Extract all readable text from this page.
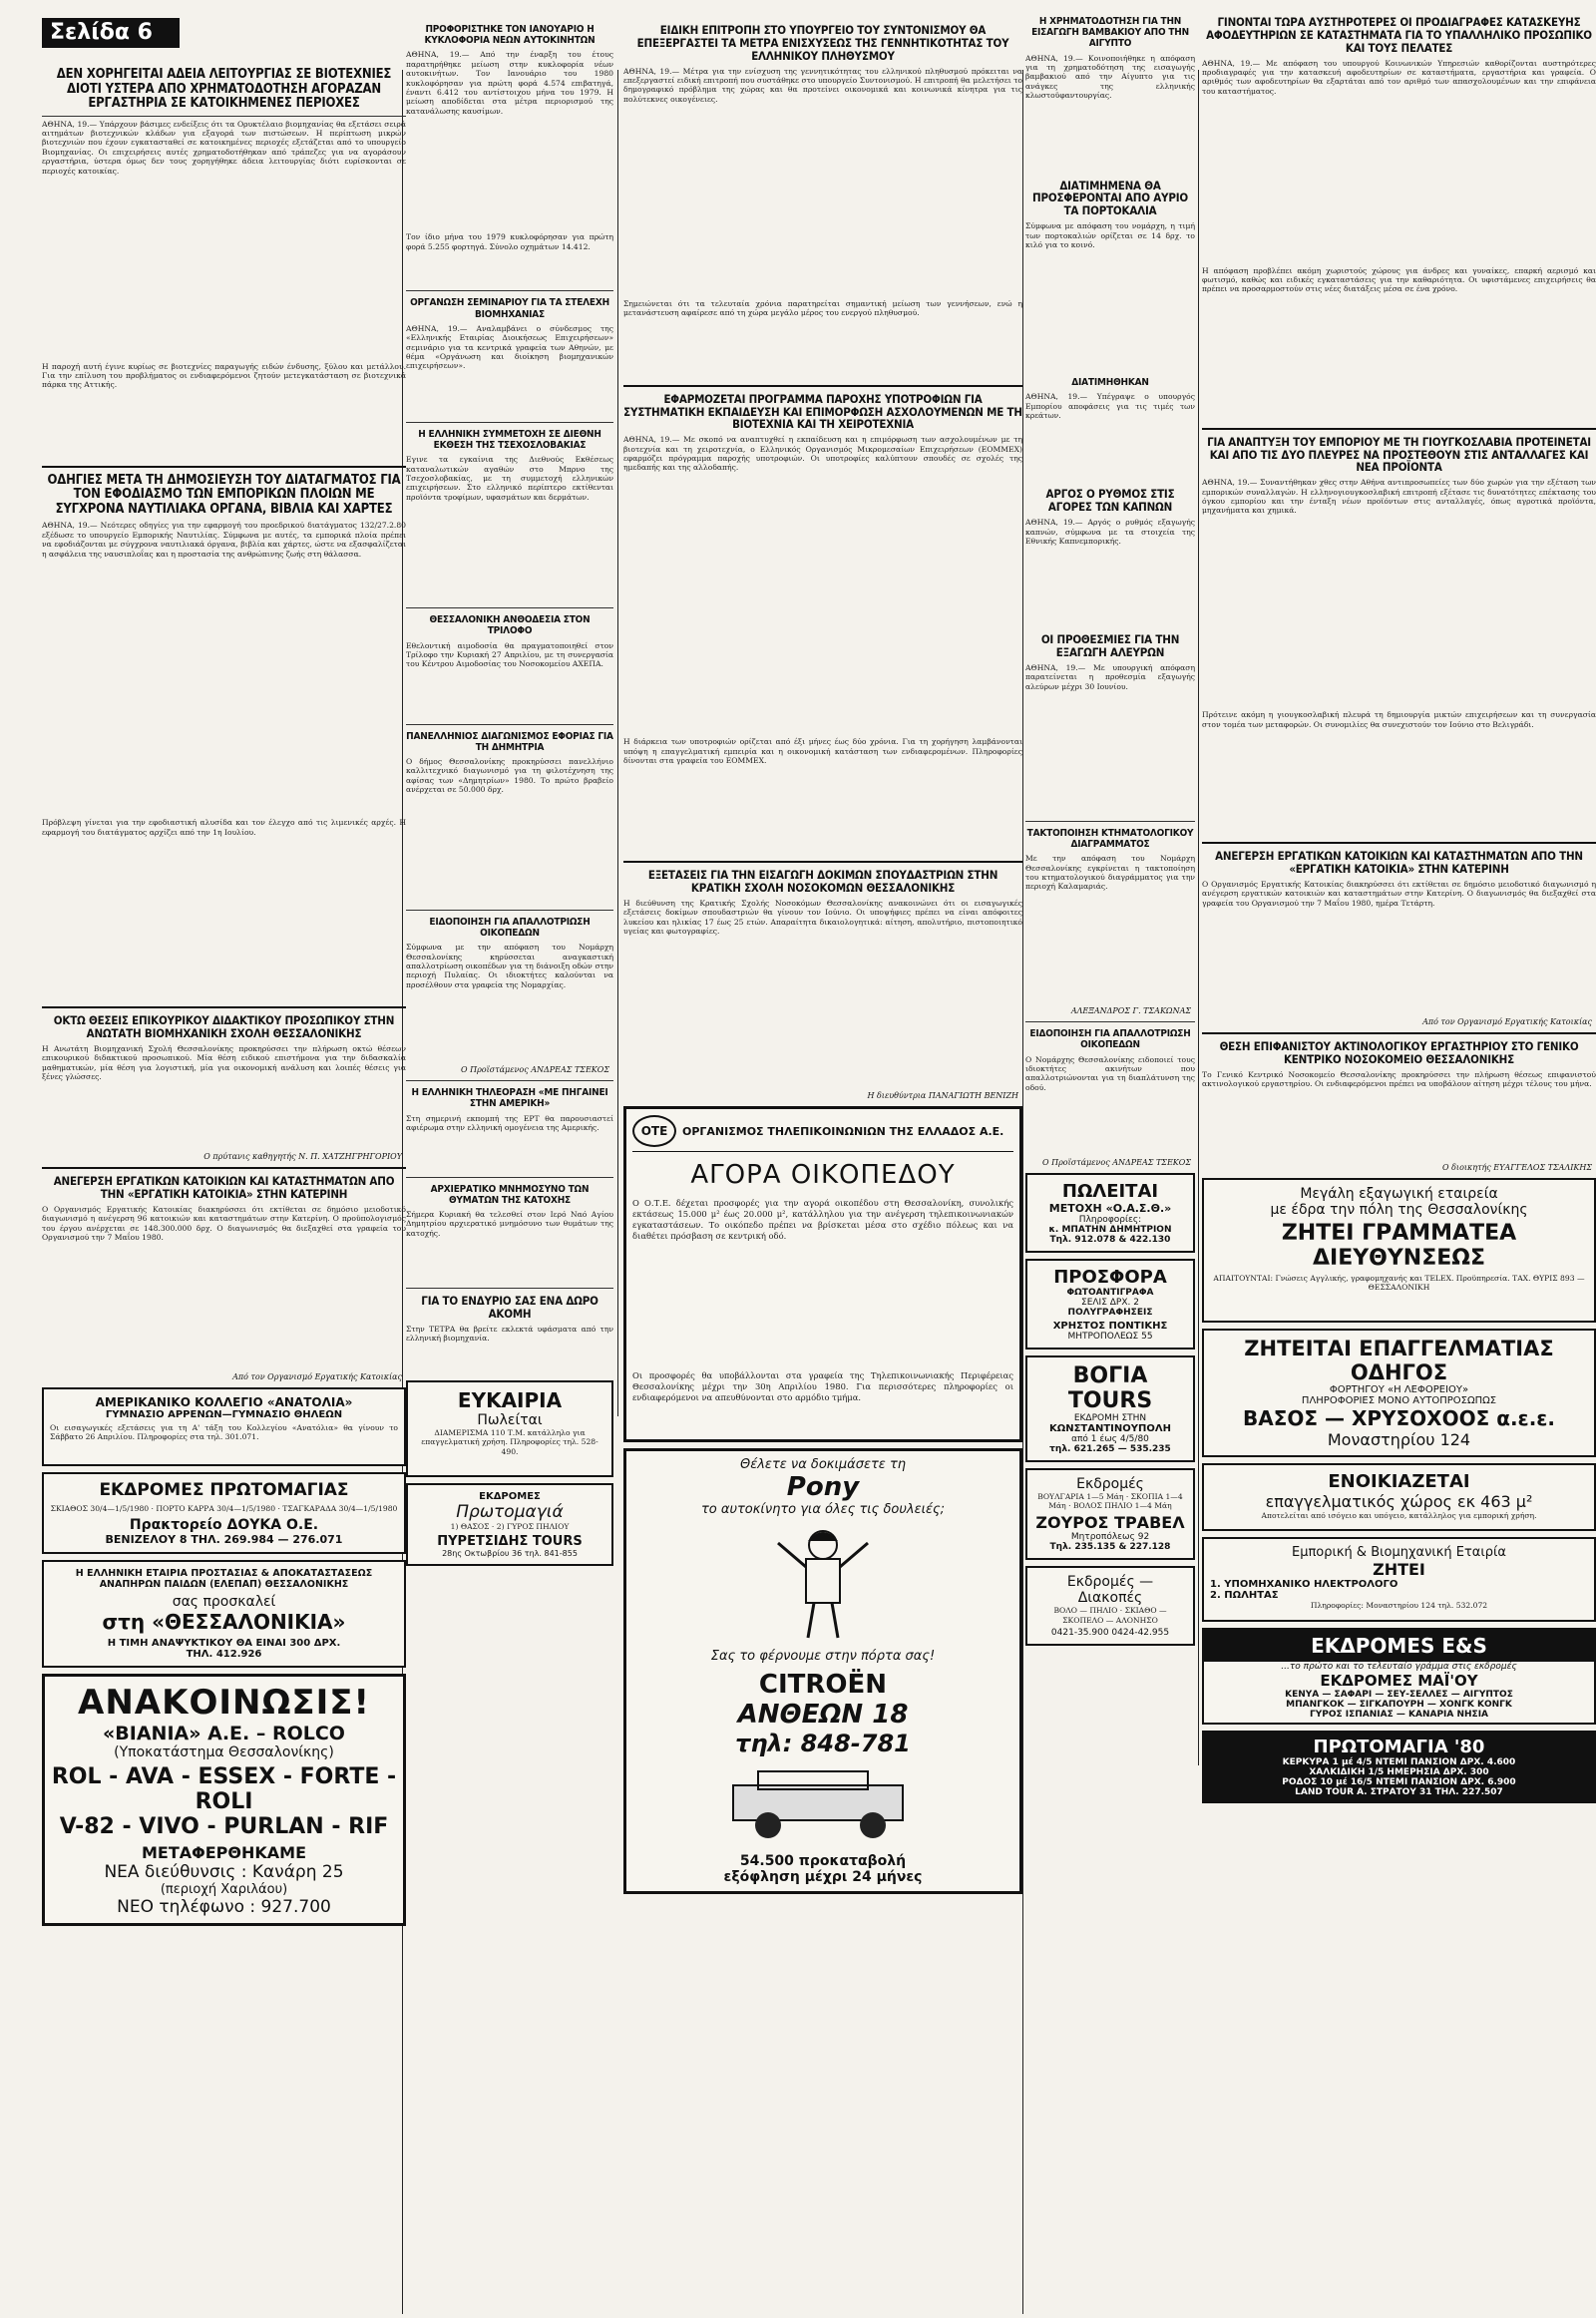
Σελίδα 6
ΔΕΝ ΧΟΡΗΓΕΙΤΑΙ ΑΔΕΙΑ ΛΕΙΤΟΥΡΓΙΑΣ ΣΕ ΒΙΟΤΕΧΝΙΕΣ ΔΙΟΤΙ ΥΣΤΕΡΑ ΑΠΟ ΧΡΗΜΑΤΟΔΟΤΗΣΗ ΑΓΟΡΑΖΑΝ ΕΡΓΑΣΤΗΡΙΑ ΣΕ ΚΑΤΟΙΚΗΜΕΝΕΣ ΠΕΡΙΟΧΕΣ
ΑΘΗΝΑ, 19.— Υπάρχουν βάσιμες ενδείξεις ότι τα Ορυκτέλαιο βιομηχανίας θα εξετάσει σειρά αιτημάτων βιοτεχνικών κλάδων για εξαγορά των πιστώσεων. Η περίπτωση μικρών βιοτεχνιών που έχουν εγκατασταθεί σε κατοικημένες περιοχές εξετάζεται από το υπουργείο Βιομηχανίας. Οι επιχειρήσεις αυτές χρηματοδοτήθηκαν από τράπεζες για να αγοράσουν εργαστήρια, ύστερα όμως δεν τους χορηγήθηκε άδεια λειτουργίας διότι ευρίσκονται σε περιοχές κατοικίας.
Η παροχή αυτή έγινε κυρίως σε βιοτεχνίες παραγωγής ειδών ένδυσης, ξύλου και μετάλλου. Για την επίλυση του προβλήματος οι ενδιαφερόμενοι ζητούν μετεγκατάσταση σε βιοτεχνικά πάρκα της Αττικής.
ΟΔΗΓΙΕΣ ΜΕΤΑ ΤΗ ΔΗΜΟΣΙΕΥΣΗ ΤΟΥ ΔΙΑΤΑΓΜΑΤΟΣ ΓΙΑ ΤΟΝ ΕΦΟΔΙΑΣΜΟ ΤΩΝ ΕΜΠΟΡΙΚΩΝ ΠΛΟΙΩΝ ΜΕ ΣΥΓΧΡΟΝΑ ΝΑΥΤΙΛΙΑΚΑ ΟΡΓΑΝΑ, ΒΙΒΛΙΑ ΚΑΙ ΧΑΡΤΕΣ
ΑΘΗΝΑ, 19.— Νεότερες οδηγίες για την εφαρμογή του προεδρικού διατάγματος 132/27.2.80 εξέδωσε το υπουργείο Εμπορικής Ναυτιλίας. Σύμφωνα με αυτές, τα εμπορικά πλοία πρέπει να εφοδιάζονται με σύγχρονα ναυτιλιακά όργανα, βιβλία και χάρτες, ώστε να εξασφαλίζεται η ασφάλεια της ναυσιπλοΐας και η προστασία της ανθρώπινης ζωής στη θάλασσα.
Πρόβλεψη γίνεται για την εφοδιαστική αλυσίδα και τον έλεγχο από τις λιμενικές αρχές. Η εφαρμογή του διατάγματος αρχίζει από την 1η Ιουλίου.
ΟΚΤΩ ΘΕΣΕΙΣ ΕΠΙΚΟΥΡΙΚΟΥ ΔΙΔΑΚΤΙΚΟΥ ΠΡΟΣΩΠΙΚΟΥ ΣΤΗΝ ΑΝΩΤΑΤΗ ΒΙΟΜΗΧΑΝΙΚΗ ΣΧΟΛΗ ΘΕΣΣΑΛΟΝΙΚΗΣ
Η Ανωτάτη Βιομηχανική Σχολή Θεσσαλονίκης προκηρύσσει την πλήρωση οκτώ θέσεων επικουρικού διδακτικού προσωπικού. Μία θέση ειδικού επιστήμονα για την διδασκαλία μαθηματικών, μία θέση για λογιστική, μία για οικονομική ανάλυση και λοιπές θέσεις για ξένες γλώσσες.
Ο πρύτανις καθηγητής Ν. Π. ΧΑΤΖΗΓΡΗΓΟΡΙΟΥ
ΑΝΕΓΕΡΣΗ ΕΡΓΑΤΙΚΩΝ ΚΑΤΟΙΚΙΩΝ ΚΑΙ ΚΑΤΑΣΤΗΜΑΤΩΝ ΑΠΟ ΤΗΝ «ΕΡΓΑΤΙΚΗ ΚΑΤΟΙΚΙΑ» ΣΤΗΝ ΚΑΤΕΡΙΝΗ
Ο Οργανισμός Εργατικής Κατοικίας διακηρύσσει ότι εκτίθεται σε δημόσιο μειοδοτικό διαγωνισμό η ανέγερση 96 κατοικιών και καταστημάτων στην Κατερίνη. Ο προϋπολογισμός του έργου ανέρχεται σε 148.300.000 δρχ. Ο διαγωνισμός θα διεξαχθεί στα γραφεία του Οργανισμού την 7 Μαΐου 1980.
Από τον Οργανισμό Εργατικής Κατοικίας
ΑΜΕΡΙΚΑΝΙΚΟ ΚΟΛΛΕΓΙΟ «ΑΝΑΤΟΛΙΑ»
ΓΥΜΝΑΣΙΟ ΑΡΡΕΝΩΝ—ΓΥΜΝΑΣΙΟ ΘΗΛΕΩΝ
Οι εισαγωγικές εξετάσεις για τη Α' τάξη του Κολλεγίου «Ανατόλια» θα γίνουν το Σάββατο 26 Απριλίου. Πληροφορίες στα τηλ. 301.071.
ΕΚΔΡΟΜΕΣ ΠΡΩΤΟΜΑΓΙΑΣ
ΣΚΙΑΘΟΣ 30/4—1/5/1980 · ΠΟΡΤΟ ΚΑΡΡΑ 30/4—1/5/1980 · ΤΣΑΓΚΑΡΑΔΑ 30/4—1/5/1980
Πρακτορείο ΔΟΥΚΑ Ο.Ε.
ΒΕΝΙΖΕΛΟΥ 8 ΤΗΛ. 269.984 — 276.071
Η ΕΛΛΗΝΙΚΗ ΕΤΑΙΡΙΑ ΠΡΟΣΤΑΣΙΑΣ & ΑΠΟΚΑΤΑΣΤΑΣΕΩΣ ΑΝΑΠΗΡΩΝ ΠΑΙΔΩΝ (ΕΛΕΠΑΠ) ΘΕΣΣΑΛΟΝΙΚΗΣ
σας προσκαλεί
στη «ΘΕΣΣΑΛΟΝΙΚΙΑ»
Η ΤΙΜΗ ΑΝΑΨΥΚΤΙΚΟΥ ΘΑ ΕΙΝΑΙ 300 ΔΡΧ.
ΤΗΛ. 412.926
ΑΝΑΚΟΙΝΩΣΙΣ!
«ΒΙΑΝΙΑ» Α.Ε. – ROLCO
(Υποκατάστημα Θεσσαλονίκης)
ROL - AVA - ESSEX - FORTE - ROLI
V-82 - VIVO - PURLAN - RIF
ΜΕΤΑΦΕΡΘΗΚΑΜΕ
ΝΕΑ διεύθυνσις : Κανάρη 25
(περιοχή Χαριλάου)
ΝΕΟ τηλέφωνο : 927.700
ΠΡΟΦΟΡΙΣΤΗΚΕ ΤΟΝ ΙΑΝΟΥΑΡΙΟ Η ΚΥΚΛΟΦΟΡΙΑ ΝΕΩΝ ΑΥΤΟΚΙΝΗΤΩΝ
ΑΘΗΝΑ, 19.— Από την έναρξη του έτους παρατηρήθηκε μείωση στην κυκλοφορία νέων αυτοκινήτων. Τον Ιανουάριο του 1980 κυκλοφόρησαν για πρώτη φορά 4.574 επιβατηγά, έναντι 6.412 του αντίστοιχου μήνα του 1979. Η μείωση αποδίδεται στα μέτρα περιορισμού της κατανάλωσης καυσίμων.
Τον ίδιο μήνα του 1979 κυκλοφόρησαν για πρώτη φορά 5.255 φορτηγά. Σύνολο οχημάτων 14.412.
ΟΡΓΑΝΩΣΗ ΣΕΜΙΝΑΡΙΟΥ ΓΙΑ ΤΑ ΣΤΕΛΕΧΗ ΒΙΟΜΗΧΑΝΙΑΣ
ΑΘΗΝΑ, 19.— Αναλαμβάνει ο σύνδεσμος της «Ελληνικής Εταιρίας Διοικήσεως Επιχειρήσεων» σεμινάριο για τα κεντρικά γραφεία των Αθηνών, με θέμα «Οργάνωση και διοίκηση βιομηχανικών επιχειρήσεων».
Η ΕΛΛΗΝΙΚΗ ΣΥΜΜΕΤΟΧΗ ΣΕ ΔΙΕΘΝΗ ΕΚΘΕΣΗ ΤΗΣ ΤΣΕΧΟΣΛΟΒΑΚΙΑΣ
Εγινε τα εγκαίνια της Διεθνούς Εκθέσεως καταναλωτικών αγαθών στο Μπρνο της Τσεχοσλοβακίας, με τη συμμετοχή ελληνικών επιχειρήσεων. Στο ελληνικό περίπτερο εκτίθενται προϊόντα τροφίμων, υφασμάτων και δερμάτων.
ΘΕΣΣΑΛΟΝΙΚΗ ΑΝΘΟΔΕΣΙΑ ΣΤΟΝ ΤΡΙΛΟΦΟ
Εθελοντική αιμοδοσία θα πραγματοποιηθεί στον Τρίλοφο την Κυριακή 27 Απριλίου, με τη συνεργασία του Κέντρου Αιμοδοσίας του Νοσοκομείου ΑΧΕΠΑ.
ΠΑΝΕΛΛΗΝΙΟΣ ΔΙΑΓΩΝΙΣΜΟΣ ΕΦΟΡΙΑΣ ΓΙΑ ΤΗ ΔΗΜΗΤΡΙΑ
Ο δήμος Θεσσαλονίκης προκηρύσσει πανελλήνιο καλλιτεχνικό διαγωνισμό για τη φιλοτέχνηση της αφίσας των «Δημητρίων» 1980. Το πρώτο βραβείο ανέρχεται σε 50.000 δρχ.
ΕΙΔΟΠΟΙΗΣΗ ΓΙΑ ΑΠΑΛΛΟΤΡΙΩΣΗ ΟΙΚΟΠΕΔΩΝ
Σύμφωνα με την απόφαση του Νομάρχη Θεσσαλονίκης κηρύσσεται αναγκαστική απαλλοτρίωση οικοπέδων για τη διάνοιξη οδών στην περιοχή Πυλαίας. Οι ιδιοκτήτες καλούνται να προσέλθουν στα γραφεία της Νομαρχίας.
Ο Προϊστάμενος ΑΝΔΡΕΑΣ ΤΣΕΚΟΣ
Η ΕΛΛΗΝΙΚΗ ΤΗΛΕΟΡΑΣΗ «ΜΕ ΠΗΓΑΙΝΕΙ ΣΤΗΝ ΑΜΕΡΙΚΗ»
Στη σημερινή εκπομπή της ΕΡΤ θα παρουσιαστεί αφιέρωμα στην ελληνική ομογένεια της Αμερικής.
ΑΡΧΙΕΡΑΤΙΚΟ ΜΝΗΜΟΣΥΝΟ ΤΩΝ ΘΥΜΑΤΩΝ ΤΗΣ ΚΑΤΟΧΗΣ
Σήμερα Κυριακή θα τελεσθεί στον Ιερό Ναό Αγίου Δημητρίου αρχιερατικό μνημόσυνο των θυμάτων της κατοχής.
ΓΙΑ ΤΟ ΕΝΔΥΡΙΟ ΣΑΣ ΕΝΑ ΔΩΡΟ ΑΚΟΜΗ
Στην ΤΕΤΡΑ θα βρείτε εκλεκτά υφάσματα από την ελληνική βιομηχανία.
ΕΥΚΑΙΡΙΑ
Πωλείται
ΔΙΑΜΕΡΙΣΜΑ 110 Τ.Μ. κατάλληλο για επαγγελματική χρήση. Πληροφορίες τηλ. 528-490.
ΕΚΔΡΟΜΕΣ
Πρωτομαγιά
1) ΘΑΣΟΣ · 2) ΓΥΡΟΣ ΠΗΛΙΟΥ
ΠΥΡΕΤΣΙΔΗΣ TOURS
28ης Οκτωβρίου 36 τηλ. 841-855
ΕΙΔΙΚΗ ΕΠΙΤΡΟΠΗ ΣΤΟ ΥΠΟΥΡΓΕΙΟ ΤΟΥ ΣΥΝΤΟΝΙΣΜΟΥ ΘΑ ΕΠΕΞΕΡΓΑΣΤΕΙ ΤΑ ΜΕΤΡΑ ΕΝΙΣΧΥΣΕΩΣ ΤΗΣ ΓΕΝΝΗΤΙΚΟΤΗΤΑΣ ΤΟΥ ΕΛΛΗΝΙΚΟΥ ΠΛΗΘΥΣΜΟΥ
ΑΘΗΝΑ, 19.— Μέτρα για την ενίσχυση της γεννητικότητας του ελληνικού πληθυσμού πρόκειται να επεξεργαστεί ειδική επιτροπή που συστάθηκε στο υπουργείο Συντονισμού. Η επιτροπή θα μελετήσει το δημογραφικό πρόβλημα της χώρας και θα προτείνει οικονομικά και κοινωνικά κίνητρα για τις πολύτεκνες οικογένειες.
Σημειώνεται ότι τα τελευταία χρόνια παρατηρείται σημαντική μείωση των γεννήσεων, ενώ η μετανάστευση αφαίρεσε από τη χώρα μεγάλο μέρος του ενεργού πληθυσμού.
ΕΦΑΡΜΟΖΕΤΑΙ ΠΡΟΓΡΑΜΜΑ ΠΑΡΟΧΗΣ ΥΠΟΤΡΟΦΙΩΝ ΓΙΑ ΣΥΣΤΗΜΑΤΙΚΗ ΕΚΠΑΙΔΕΥΣΗ ΚΑΙ ΕΠΙΜΟΡΦΩΣΗ ΑΣΧΟΛΟΥΜΕΝΩΝ ΜΕ ΤΗ ΒΙΟΤΕΧΝΙΑ ΚΑΙ ΤΗ ΧΕΙΡΟΤΕΧΝΙΑ
ΑΘΗΝΑ, 19.— Με σκοπό να αναπτυχθεί η εκπαίδευση και η επιμόρφωση των ασχολουμένων με τη βιοτεχνία και τη χειροτεχνία, ο Ελληνικός Οργανισμός Μικρομεσαίων Επιχειρήσεων (ΕΟΜΜΕΧ) εφαρμόζει πρόγραμμα παροχής υποτροφιών. Οι υποτροφίες καλύπτουν σπουδές σε σχολές της ημεδαπής και της αλλοδαπής.
Η διάρκεια των υποτροφιών ορίζεται από έξι μήνες έως δύο χρόνια. Για τη χορήγηση λαμβάνονται υπόψη η επαγγελματική εμπειρία και η οικονομική κατάσταση των ενδιαφερομένων. Πληροφορίες δίνονται στα γραφεία του ΕΟΜΜΕΧ.
ΕΞΕΤΑΣΕΙΣ ΓΙΑ ΤΗΝ ΕΙΣΑΓΩΓΗ ΔΟΚΙΜΩΝ ΣΠΟΥΔΑΣΤΡΙΩΝ ΣΤΗΝ ΚΡΑΤΙΚΗ ΣΧΟΛΗ ΝΟΣΟΚΟΜΩΝ ΘΕΣΣΑΛΟΝΙΚΗΣ
Η διεύθυνση της Κρατικής Σχολής Νοσοκόμων Θεσσαλονίκης ανακοινώνει ότι οι εισαγωγικές εξετάσεις δοκίμων σπουδαστριών θα γίνουν τον Ιούνιο. Οι υποψήφιες πρέπει να είναι απόφοιτες λυκείου και ηλικίας 17 έως 25 ετών. Απαραίτητα δικαιολογητικά: αίτηση, απολυτήριο, πιστοποιητικό υγείας και φωτογραφίες.
Η διευθύντρια ΠΑΝΑΓΙΩΤΗ ΒΕΝΙΖΗ
ΟΤΕ	ΟΡΓΑΝΙΣΜΟΣ ΤΗΛΕΠΙΚΟΙΝΩΝΙΩΝ ΤΗΣ ΕΛΛΑΔΟΣ Α.Ε.
ΑΓΟΡΑ ΟΙΚΟΠΕΔΟΥ
Ο Ο.Τ.Ε. δέχεται προσφορές για την αγορά οικοπέδου στη Θεσσαλονίκη, συνολικής εκτάσεως 15.000 μ² έως 20.000 μ², κατάλληλου για την ανέγερση τηλεπικοινωνιακών εγκαταστάσεων. Το οικόπεδο πρέπει να βρίσκεται μέσα στο σχέδιο πόλεως και να διαθέτει πρόσβαση σε κεντρική οδό.
Οι προσφορές θα υποβάλλονται στα γραφεία της Τηλεπικοινωνιακής Περιφέρειας Θεσσαλονίκης μέχρι την 30η Απριλίου 1980. Για περισσότερες πληροφορίες οι ενδιαφερόμενοι να απευθύνονται στο αρμόδιο τμήμα.
Θέλετε να δοκιμάσετε τη
Pony
το αυτοκίνητο για όλες τις δουλειές;
Σας το φέρνουμε στην πόρτα σας!
CITROËN
ΑΝΘΕΩΝ 18
τηλ: 848-781
54.500 προκαταβολή
εξόφληση μέχρι 24 μήνες
Η ΧΡΗΜΑΤΟΔΟΤΗΣΗ ΓΙΑ ΤΗΝ ΕΙΣΑΓΩΓΗ ΒΑΜΒΑΚΙΟΥ ΑΠΟ ΤΗΝ ΑΙΓΥΠΤΟ
ΑΘΗΝΑ, 19.— Κοινοποιήθηκε η απόφαση για τη χρηματοδότηση της εισαγωγής βαμβακιού από την Αίγυπτο για τις ανάγκες της ελληνικής κλωστοϋφαντουργίας.
ΔΙΑΤΙΜΗΜΕΝΑ ΘΑ ΠΡΟΣΦΕΡΟΝΤΑΙ ΑΠΟ ΑΥΡΙΟ ΤΑ ΠΟΡΤΟΚΑΛΙΑ
Σύμφωνα με απόφαση του νομάρχη, η τιμή των πορτοκαλιών ορίζεται σε 14 δρχ. το κιλό για το κοινό.
ΔΙΑΤΙΜΗΘΗΚΑΝ
ΑΘΗΝΑ, 19.— Υπέγραψε ο υπουργός Εμπορίου αποφάσεις για τις τιμές των κρεάτων.
ΑΡΓΟΣ Ο ΡΥΘΜΟΣ ΣΤΙΣ ΑΓΟΡΕΣ ΤΩΝ ΚΑΠΝΩΝ
ΑΘΗΝΑ, 19.— Αργός ο ρυθμός εξαγωγής καπνών, σύμφωνα με τα στοιχεία της Εθνικής Καπνεμπορικής.
ΟΙ ΠΡΟΘΕΣΜΙΕΣ ΓΙΑ ΤΗΝ ΕΞΑΓΩΓΗ ΑΛΕΥΡΩΝ
ΑΘΗΝΑ, 19.— Με υπουργική απόφαση παρατείνεται η προθεσμία εξαγωγής αλεύρων μέχρι 30 Ιουνίου.
ΤΑΚΤΟΠΟΙΗΣΗ ΚΤΗΜΑΤΟΛΟΓΙΚΟΥ ΔΙΑΓΡΑΜΜΑΤΟΣ
Με την απόφαση του Νομάρχη Θεσσαλονίκης εγκρίνεται η τακτοποίηση του κτηματολογικού διαγράμματος για την περιοχή Καλαμαριάς.
ΑΛΕΞΑΝΔΡΟΣ Γ. ΤΣΑΚΩΝΑΣ
ΕΙΔΟΠΟΙΗΣΗ ΓΙΑ ΑΠΑΛΛΟΤΡΙΩΣΗ ΟΙΚΟΠΕΔΩΝ
Ο Νομάρχης Θεσσαλονίκης ειδοποιεί τους ιδιοκτήτες ακινήτων που απαλλοτριώνονται για τη διαπλάτυνση της οδού.
Ο Προϊστάμενος ΑΝΔΡΕΑΣ ΤΣΕΚΟΣ
ΠΩΛΕΙΤΑΙ
ΜΕΤΟΧΗ «Ο.Α.Σ.Θ.»
Πληροφορίες:
κ. ΜΠΑΤΗΝ ΔΗΜΗΤΡΙΟΝ
Τηλ. 912.078 & 422.130
ΠΡΟΣΦΟΡΑ
ΦΩΤΟΑΝΤΙΓΡΑΦΑ
ΣΕΛΙΣ ΔΡΧ. 2
ΠΟΛΥΓΡΑΦΗΣΕΙΣ
ΧΡΗΣΤΟΣ ΠΟΝΤΙΚΗΣ
ΜΗΤΡΟΠΟΛΕΩΣ 55
ΒΟΓΙΑ TOURS
ΕΚΔΡΟΜΗ ΣΤΗΝ
ΚΩΝΣΤΑΝΤΙΝΟΥΠΟΛΗ
από 1 έως 4/5/80
τηλ. 621.265 — 535.235
Εκδρομές
ΒΟΥΛΓΑΡΙΑ 1—5 Μάη · ΣΚΟΠΙΑ 1—4 Μάη · ΒΟΛΟΣ ΠΗΛΙΟ 1—4 Μάη
ΖΟΥΡΟΣ ΤΡΑΒΕΛ
Μητροπόλεως 92
Τηλ. 235.135 & 227.128
Εκδρομές — Διακοπές
ΒΟΛΟ — ΠΗΛΙΟ · ΣΚΙΑΘΟ — ΣΚΟΠΕΛΟ — ΑΛΟΝΗΣΟ
0421-35.900 0424-42.955
ΓΙΝΟΝΤΑΙ ΤΩΡΑ ΑΥΣΤΗΡΟΤΕΡΕΣ ΟΙ ΠΡΟΔΙΑΓΡΑΦΕΣ ΚΑΤΑΣΚΕΥΗΣ ΑΦΟΔΕΥΤΗΡΙΩΝ ΣΕ ΚΑΤΑΣΤΗΜΑΤΑ ΓΙΑ ΤΟ ΥΠΑΛΛΗΛΙΚΟ ΠΡΟΣΩΠΙΚΟ ΚΑΙ ΤΟΥΣ ΠΕΛΑΤΕΣ
ΑΘΗΝΑ, 19.— Με απόφαση του υπουργού Κοινωνικών Υπηρεσιών καθορίζονται αυστηρότερες προδιαγραφές για την κατασκευή αφοδευτηρίων σε καταστήματα, εργαστήρια και γραφεία. Ο αριθμός των αφοδευτηρίων θα εξαρτάται από τον αριθμό των απασχολουμένων και την επιφάνεια του καταστήματος.
Η απόφαση προβλέπει ακόμη χωριστούς χώρους για άνδρες και γυναίκες, επαρκή αερισμό και φωτισμό, καθώς και ειδικές εγκαταστάσεις για την καθαριότητα. Οι υφιστάμενες επιχειρήσεις θα πρέπει να προσαρμοστούν στις νέες διατάξεις μέσα σε ένα χρόνο.
ΓΙΑ ΑΝΑΠΤΥΞΗ ΤΟΥ ΕΜΠΟΡΙΟΥ ΜΕ ΤΗ ΓΙΟΥΓΚΟΣΛΑΒΙΑ ΠΡΟΤΕΙΝΕΤΑΙ ΚΑΙ ΑΠΟ ΤΙΣ ΔΥΟ ΠΛΕΥΡΕΣ ΝΑ ΠΡΟΣΤΕΘΟΥΝ ΣΤΙΣ ΑΝΤΑΛΛΑΓΕΣ ΚΑΙ ΝΕΑ ΠΡΟΪΟΝΤΑ
ΑΘΗΝΑ, 19.— Συναντήθηκαν χθες στην Αθήνα αντιπροσωπείες των δύο χωρών για την εξέταση των εμπορικών συναλλαγών. Η ελληνογιουγκοσλαβική επιτροπή εξέτασε τις δυνατότητες επέκτασης του όγκου εμπορίου και την ένταξη νέων προϊόντων στις ανταλλαγές, όπως αγροτικά προϊόντα, μηχανήματα και χημικά.
Πρότεινε ακόμη η γιουγκοσλαβική πλευρά τη δημιουργία μικτών επιχειρήσεων και τη συνεργασία στον τομέα των μεταφορών. Οι συνομιλίες θα συνεχιστούν τον Ιούνιο στο Βελιγράδι.
ΑΝΕΓΕΡΣΗ ΕΡΓΑΤΙΚΩΝ ΚΑΤΟΙΚΙΩΝ ΚΑΙ ΚΑΤΑΣΤΗΜΑΤΩΝ ΑΠΟ ΤΗΝ «ΕΡΓΑΤΙΚΗ ΚΑΤΟΙΚΙΑ» ΣΤΗΝ ΚΑΤΕΡΙΝΗ
Ο Οργανισμός Εργατικής Κατοικίας διακηρύσσει ότι εκτίθεται σε δημόσιο μειοδοτικό διαγωνισμό η ανέγερση εργατικών κατοικιών και καταστημάτων στην Κατερίνη. Ο διαγωνισμός θα διεξαχθεί στα γραφεία του Οργανισμού την 7 Μαΐου 1980, ημέρα Τετάρτη.
Από τον Οργανισμό Εργατικής Κατοικίας
ΘΕΣΗ ΕΠΙΦΑΝΙΣΤΟΥ ΑΚΤΙΝΟΛΟΓΙΚΟΥ ΕΡΓΑΣΤΗΡΙΟΥ ΣΤΟ ΓΕΝΙΚΟ ΚΕΝΤΡΙΚΟ ΝΟΣΟΚΟΜΕΙΟ ΘΕΣΣΑΛΟΝΙΚΗΣ
Το Γενικό Κεντρικό Νοσοκομείο Θεσσαλονίκης προκηρύσσει την πλήρωση θέσεως επιφανιστού ακτινολογικού εργαστηρίου. Οι ενδιαφερόμενοι πρέπει να υποβάλουν αίτηση μέχρι τέλους του μήνα.
Ο διοικητής ΕΥΑΓΓΕΛΟΣ ΤΣΑΛΙΚΗΣ
Μεγάλη εξαγωγική εταιρεία
με έδρα την πόλη της Θεσσαλονίκης
ΖΗΤΕΙ ΓΡΑΜΜΑΤΕΑ ΔΙΕΥΘΥΝΣΕΩΣ
ΑΠΑΙΤΟΥΝΤΑΙ: Γνώσεις Αγγλικής, γραφομηχανής και TELEX. Προϋπηρεσία. ΤΑΧ. ΘΥΡΙΣ 893 — ΘΕΣΣΑΛΟΝΙΚΗ
ΖΗΤΕΙΤΑΙ ΕΠΑΓΓΕΛΜΑΤΙΑΣ ΟΔΗΓΟΣ
ΦΟΡΤΗΓΟΥ «Η ΛΕΦΟΡΕΙΟΥ»
ΠΛΗΡΟΦΟΡΙΕΣ ΜΟΝΟ ΑΥΤΟΠΡΟΣΩΠΩΣ
ΒΑΣΟΣ — ΧΡΥΣΟΧΟΟΣ α.ε.ε.
Μοναστηρίου 124
ΕΝΟΙΚΙΑΖΕΤΑΙ
επαγγελματικός χώρος εκ 463 μ²
Αποτελείται από ισόγειο και υπόγειο, κατάλληλος για εμπορική χρήση.
Εμπορική & Βιομηχανική Εταιρία
ΖΗΤΕΙ
1. ΥΠΟΜΗΧΑΝΙΚΟ ΗΛΕΚΤΡΟΛΟΓΟ
2. ΠΩΛΗΤΑΣ
Πληροφορίες: Μοναστηρίου 124 τηλ. 532.072
ΕΚΔΡΟΜΕS E&S
...το πρώτο και το τελευταίο γράμμα στις εκδρομές
ΕΚΔΡΟΜΕΣ ΜΑΪ'ΟΥ
ΚΕΝΥΑ — ΣΑΦΑΡΙ — ΣΕΥ-ΣΕΛΛΕΣ — ΑΙΓΥΠΤΟΣ
ΜΠΑΝΓΚΟΚ — ΣΙΓΚΑΠΟΥΡΗ — ΧΟΝΓΚ ΚΟΝΓΚ
ΓΥΡΟΣ ΙΣΠΑΝΙΑΣ — ΚΑΝΑΡΙΑ ΝΗΣΙΑ
ΠΡΩΤΟΜΑΓΙΑ '80
ΚΕΡΚΥΡΑ 1 μέ 4/5 ΝΤΕΜΙ ΠΑΝΣΙΟΝ ΔΡΧ. 4.600
ΧΑΛΚΙΔΙΚΗ 1/5 ΗΜΕΡΗΣΙΑ ΔΡΧ. 300
ΡΟΔΟΣ 10 μέ 16/5 ΝΤΕΜΙ ΠΑΝΣΙΟΝ ΔΡΧ. 6.900
LAND TOUR Α. ΣΤΡΑΤΟΥ 31 ΤΗΛ. 227.507
